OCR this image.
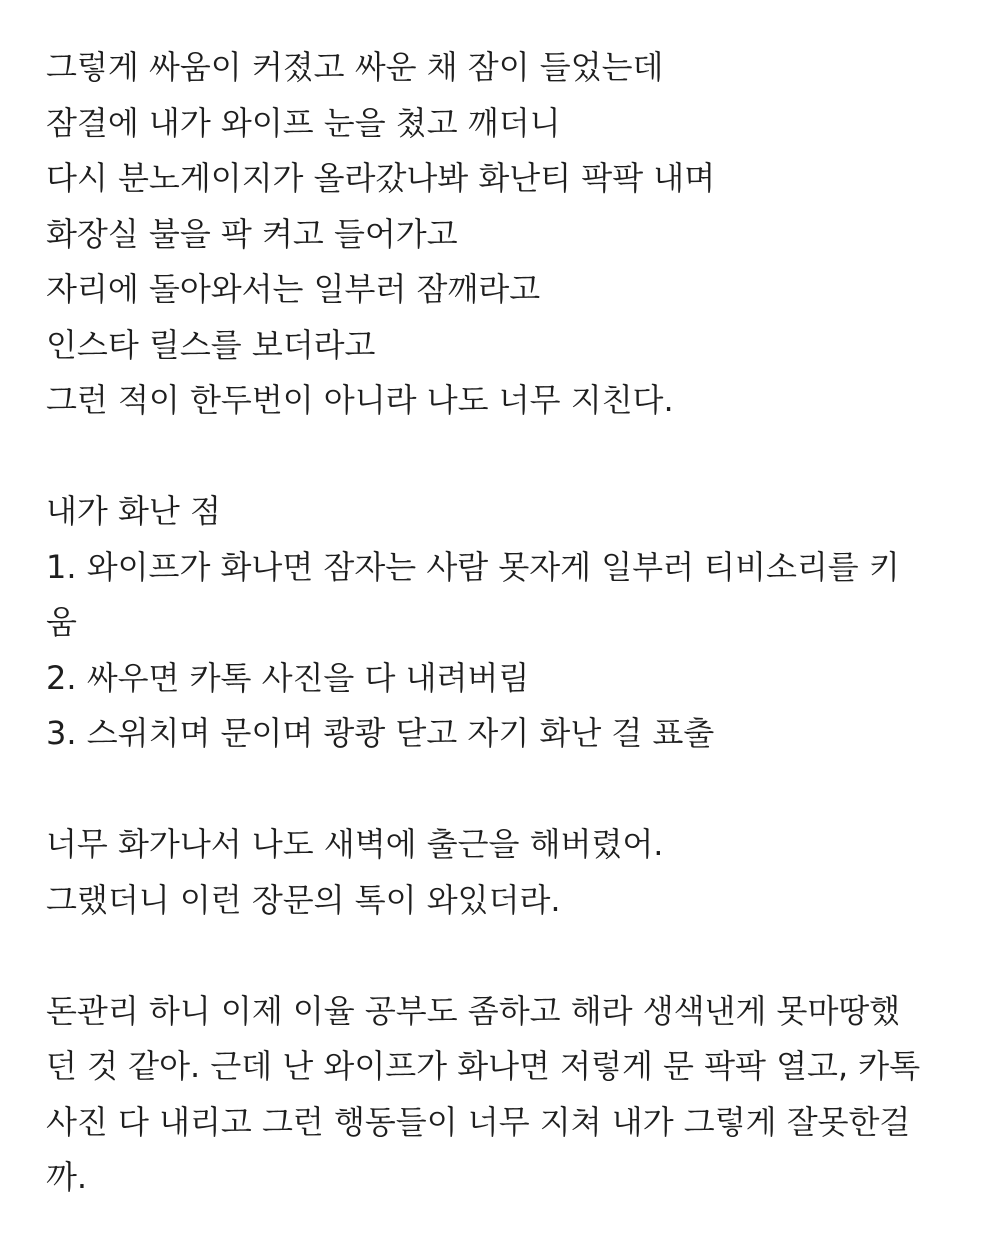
그렇게 싸움이 커졌고 싸운 채 잠이 들었는데
잠결에 내가 와이프 눈을 쳤고 깨더니
다시 분노게이지가 올라갔나봐 화난티 팍팍 내며
화장실 불을 팍 켜고 들어가고
자리에 돌아와서는 일부러 잠깨라고
인스타 릴스를 보더라고
그런 적이 한두번이 아니라 나도 너무 지친다.
내가 화난 점
1. 와이프가 화나면 잠자는 사람 못자게 일부러 티비소리를 키
움
2. 싸우면 카톡 사진을 다 내려버림
3. 스위치며 문이며 쾅쾅 닫고 자기 화난 걸 표출
너무 화가나서 나도 새벽에 출근을 해버렸어.
그랬더니 이런 장문의 톡이 와있더라.
돈관리 하니 이제 이율 공부도 좀하고 해라 생색낸게 못마땅했
던 것 같아. 근데 난 와이프가 화나면 저렇게 문 팍팍 열고, 카톡
사진 다 내리고 그런 행동들이 너무 지쳐 내가 그렇게 잘못한걸
까.
